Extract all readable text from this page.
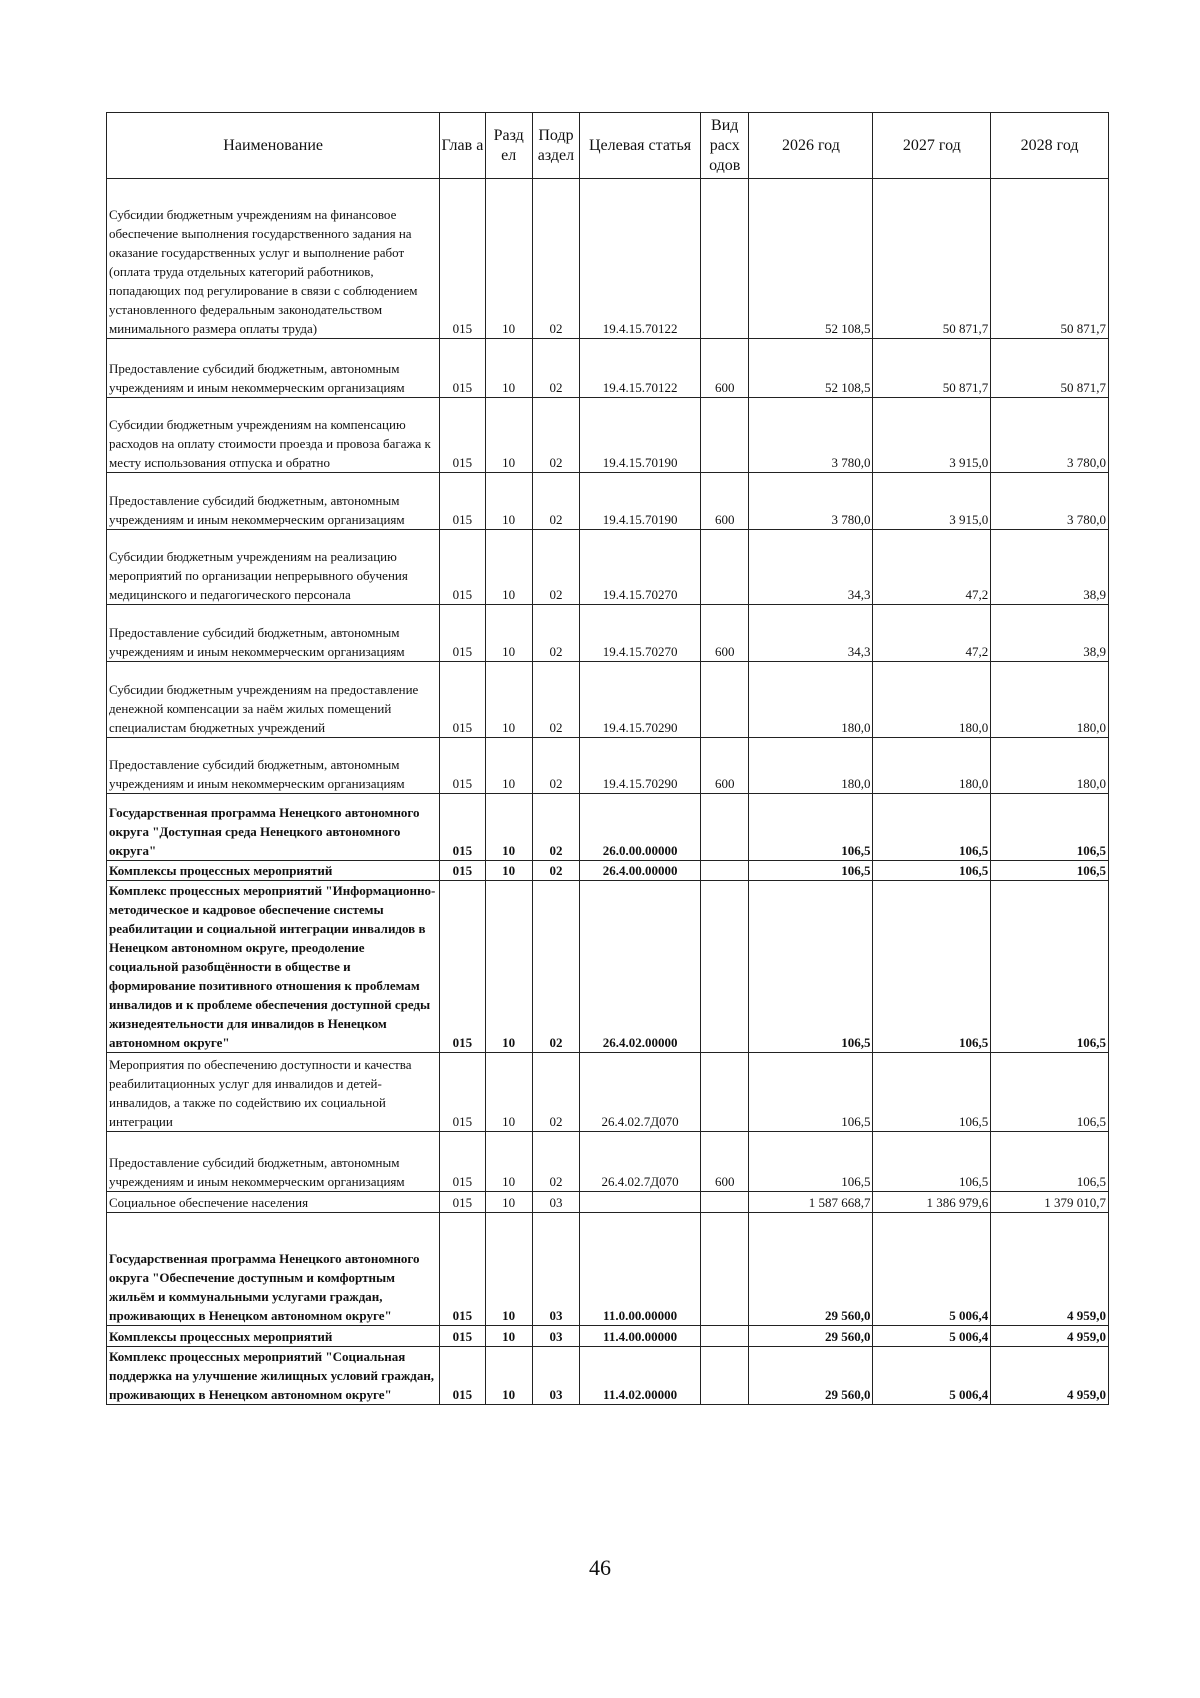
Наименование	Глав а	Разд ел	Подр аздел	Целевая статья	Вид расх одов	2026 год	2027 год	2028 год
Субсидии бюджетным учреждениям на финансовое обеспечение выполнения государственного задания на оказание государственных услуг и выполнение работ (оплата труда отдельных категорий работников, попадающих под регулирование в связи с соблюдением установленного федеральным законодательством минимального размера оплаты труда)	015	10	02	19.4.15.70122		52 108,5	50 871,7	50 871,7
Предоставление субсидий бюджетным, автономным учреждениям и иным некоммерческим организациям	015	10	02	19.4.15.70122	600	52 108,5	50 871,7	50 871,7
Субсидии бюджетным учреждениям на компенсацию расходов на оплату стоимости проезда и провоза багажа к месту использования отпуска и обратно	015	10	02	19.4.15.70190		3 780,0	3 915,0	3 780,0
Предоставление субсидий бюджетным, автономным учреждениям и иным некоммерческим организациям	015	10	02	19.4.15.70190	600	3 780,0	3 915,0	3 780,0
Субсидии бюджетным учреждениям на реализацию мероприятий по организации непрерывного обучения медицинского и педагогического персонала	015	10	02	19.4.15.70270		34,3	47,2	38,9
Предоставление субсидий бюджетным, автономным учреждениям и иным некоммерческим организациям	015	10	02	19.4.15.70270	600	34,3	47,2	38,9
Субсидии бюджетным учреждениям на предоставление денежной компенсации за наём жилых помещений специалистам бюджетных учреждений	015	10	02	19.4.15.70290		180,0	180,0	180,0
Предоставление субсидий бюджетным, автономным учреждениям и иным некоммерческим организациям	015	10	02	19.4.15.70290	600	180,0	180,0	180,0
Государственная программа Ненецкого автономного округа "Доступная среда Ненецкого автономного округа"	015	10	02	26.0.00.00000		106,5	106,5	106,5
Комплексы процессных мероприятий	015	10	02	26.4.00.00000		106,5	106,5	106,5
Комплекс процессных мероприятий "Информационно-методическое и кадровое обеспечение системы реабилитации и социальной интеграции инвалидов в Ненецком автономном округе, преодоление социальной разобщённости в обществе и формирование позитивного отношения к проблемам инвалидов и к проблеме обеспечения доступной среды жизнедеятельности для инвалидов в Ненецком автономном округе"	015	10	02	26.4.02.00000		106,5	106,5	106,5
Мероприятия по обеспечению доступности и качества реабилитационных услуг для инвалидов и детей-инвалидов, а также по содействию их социальной интеграции	015	10	02	26.4.02.7Д070		106,5	106,5	106,5
Предоставление субсидий бюджетным, автономным учреждениям и иным некоммерческим организациям	015	10	02	26.4.02.7Д070	600	106,5	106,5	106,5
Социальное обеспечение населения	015	10	03			1 587 668,7	1 386 979,6	1 379 010,7
Государственная программа Ненецкого автономного округа "Обеспечение доступным и комфортным жильём и коммунальными услугами граждан, проживающих в Ненецком автономном округе"	015	10	03	11.0.00.00000		29 560,0	5 006,4	4 959,0
Комплексы процессных мероприятий	015	10	03	11.4.00.00000		29 560,0	5 006,4	4 959,0
Комплекс процессных мероприятий "Социальная поддержка на улучшение жилищных условий граждан, проживающих в Ненецком автономном округе"	015	10	03	11.4.02.00000		29 560,0	5 006,4	4 959,0
46
